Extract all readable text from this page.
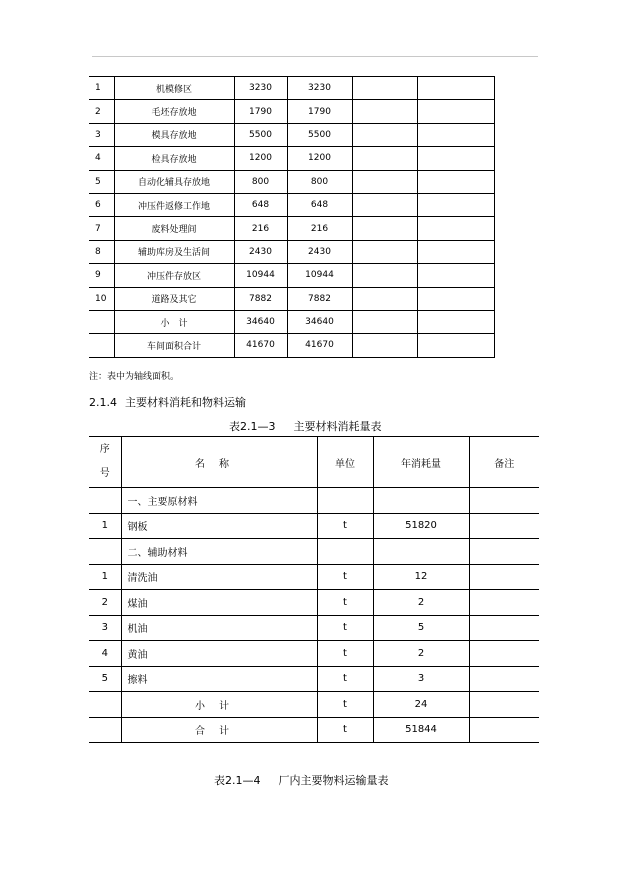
1	机模修区	3230	3230		
2	毛坯存放地	1790	1790		
3	模具存放地	5500	5500		
4	检具存放地	1200	1200		
5	自动化辅具存放地	800	800		
6	冲压件返修工作地	648	648		
7	废料处理间	216	216		
8	辅助库房及生活间	2430	2430		
9	冲压件存放区	10944	10944		
10	道路及其它	7882	7882		
	小　计	34640	34640		
	车间面积合计	41670	41670		
注：表中为轴线面积。
2.1.4 主要材料消耗和物料运输
表2.1—3 主要材料消耗量表
序
号	名称	单位	年消耗量	备注
	一、主要原材料			
1	钢板	t	51820	
	二、辅助材料			
1	清洗油	t	12	
2	煤油	t	2	
3	机油	t	5	
4	黄油	t	2	
5	擦料	t	3	
	小计	t	24	
	合计	t	51844	
表2.1—4 厂内主要物料运输量表
